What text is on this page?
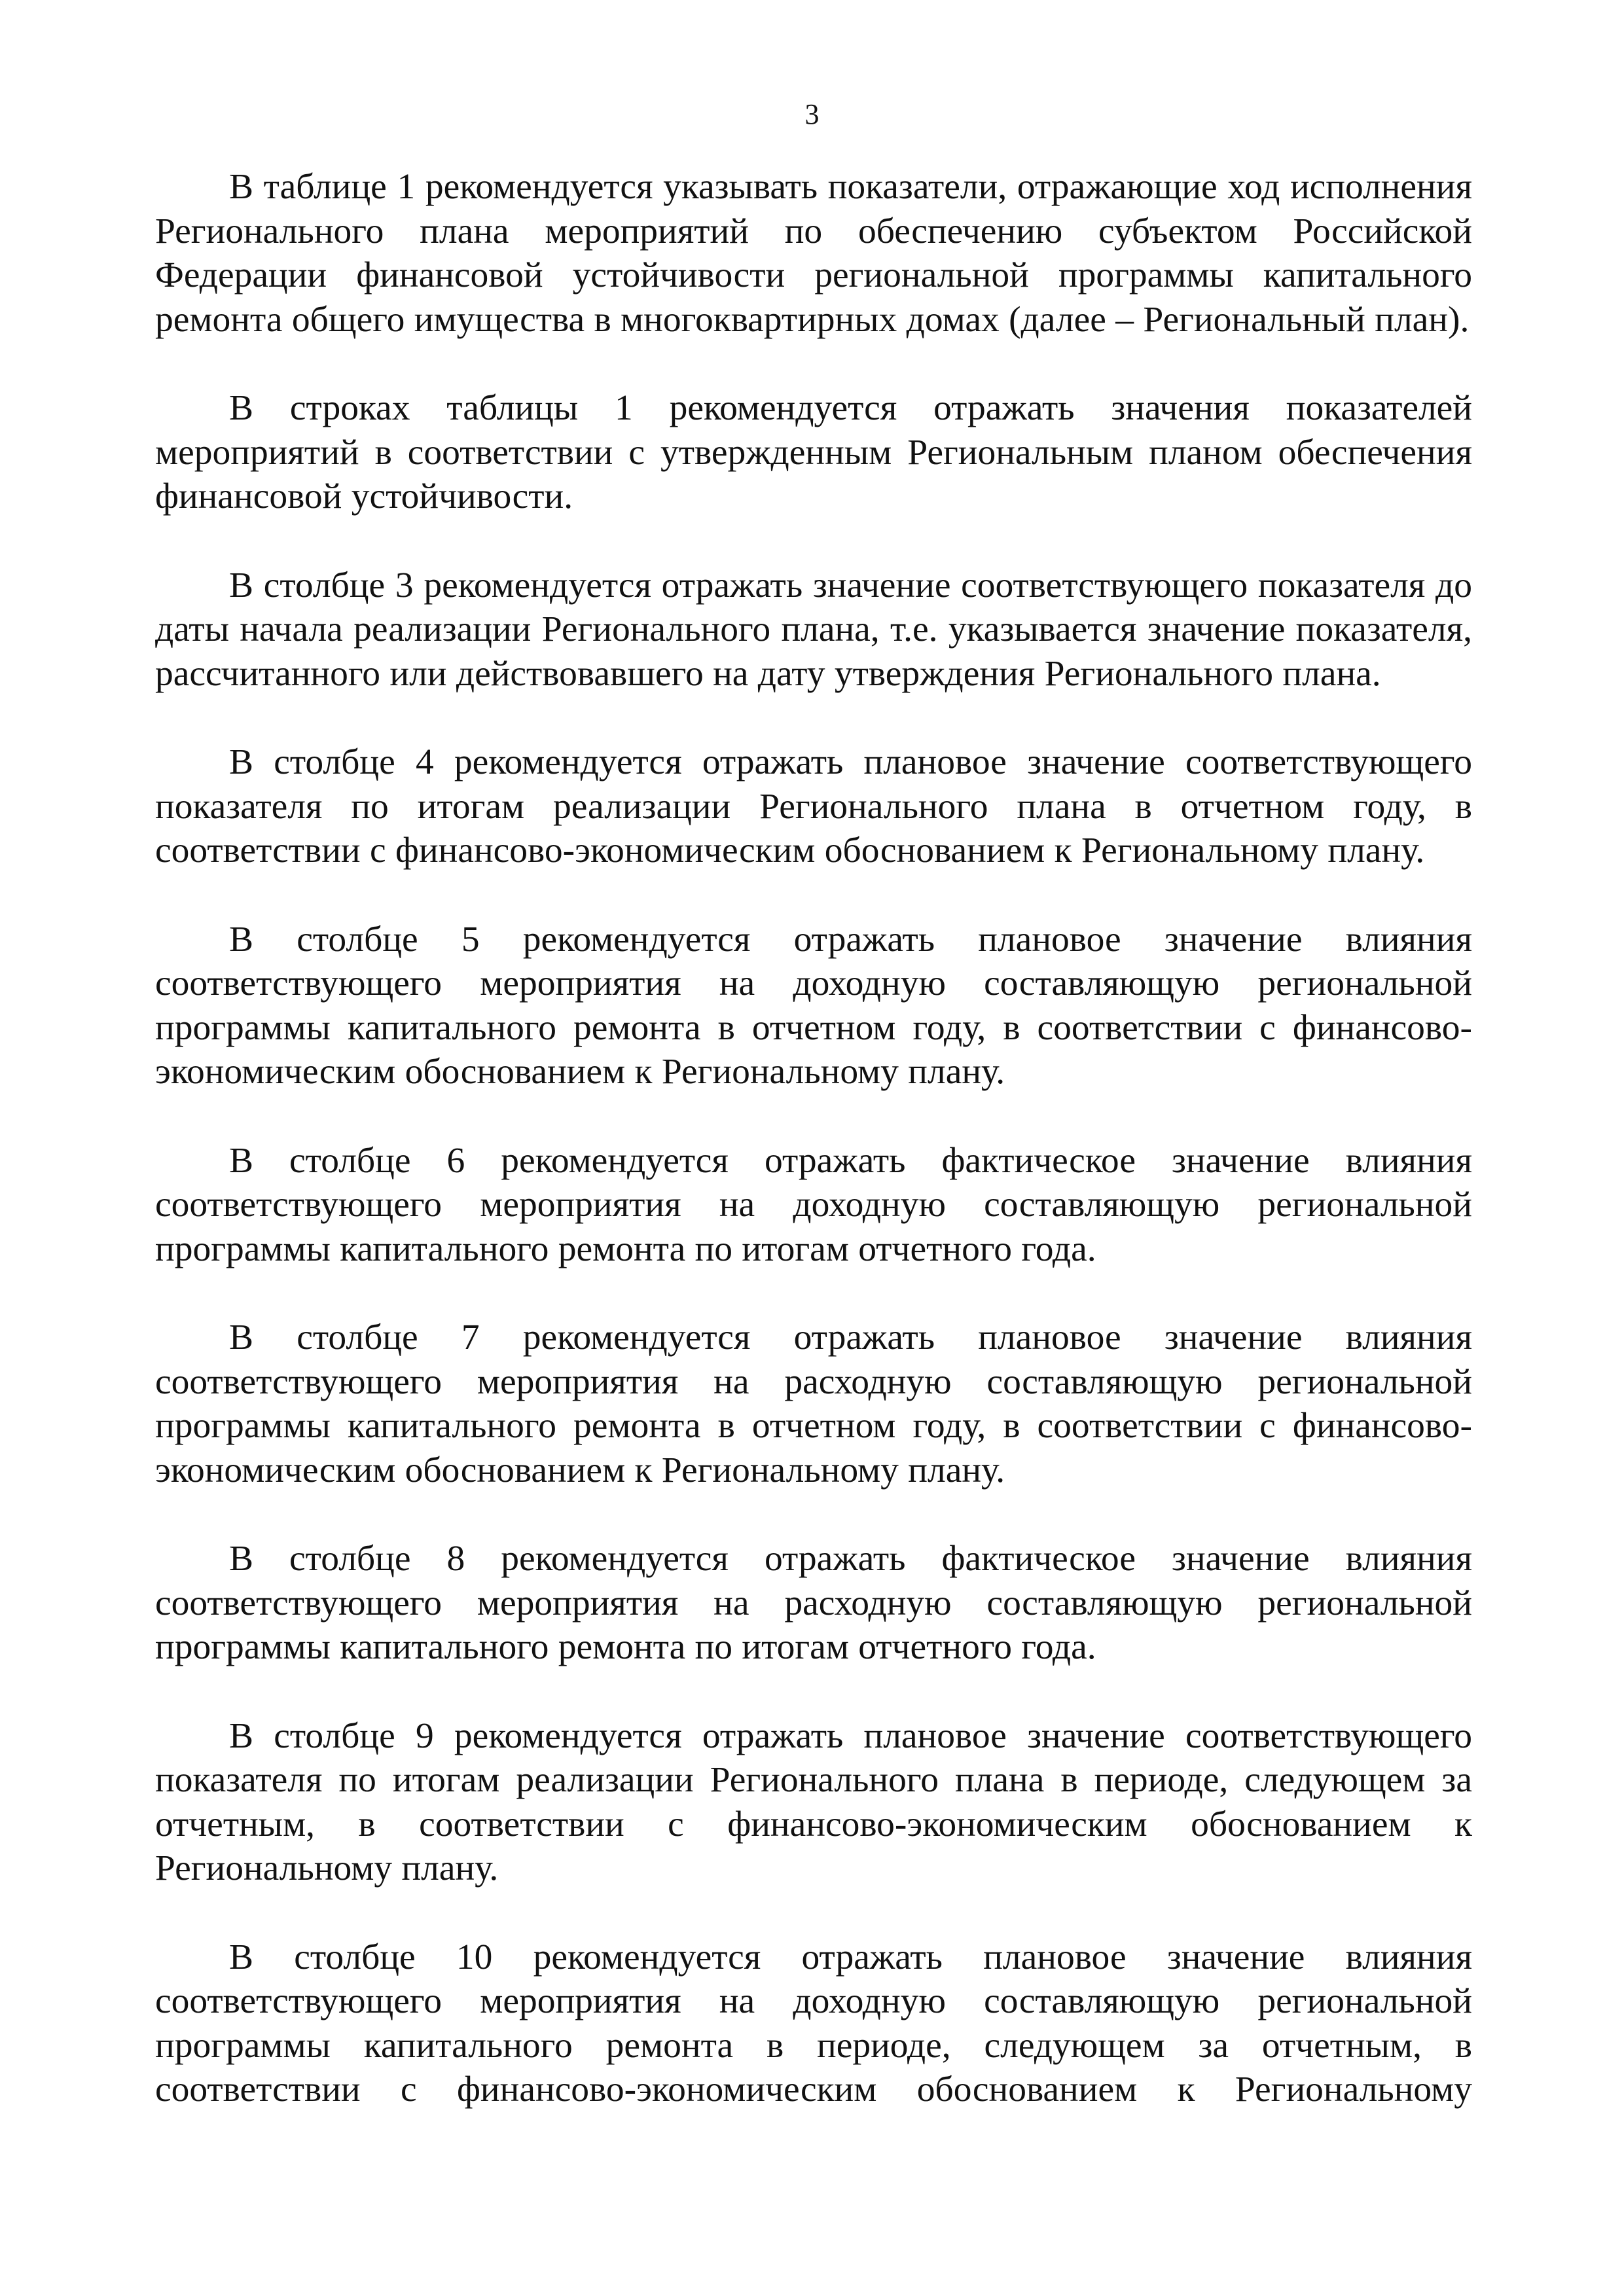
3

В таблице 1 рекомендуется указывать показатели, отражающие ход исполнения Регионального плана мероприятий по обеспечению субъектом Российской Федерации финансовой устойчивости региональной программы капитального ремонта общего имущества в многоквартирных домах (далее – Региональный план).

В строках таблицы 1 рекомендуется отражать значения показателей мероприятий в соответствии с утвержденным Региональным планом обеспечения финансовой устойчивости.

В столбце 3 рекомендуется отражать значение соответствующего показателя до даты начала реализации Регионального плана, т.е. указывается значение показателя, рассчитанного или действовавшего на дату утверждения Регионального плана.

В столбце 4 рекомендуется отражать плановое значение соответствующего показателя по итогам реализации Регионального плана в отчетном году, в соответствии с финансово-экономическим обоснованием к Региональному плану.

В столбце 5 рекомендуется отражать плановое значение влияния соответствующего мероприятия на доходную составляющую региональной программы капитального ремонта в отчетном году, в соответствии с финансово-экономическим обоснованием к Региональному плану.

В столбце 6 рекомендуется отражать фактическое значение влияния соответствующего мероприятия на доходную составляющую региональной программы капитального ремонта по итогам отчетного года.

В столбце 7 рекомендуется отражать плановое значение влияния соответствующего мероприятия на расходную составляющую региональной программы капитального ремонта в отчетном году, в соответствии с финансово-экономическим обоснованием к Региональному плану.

В столбце 8 рекомендуется отражать фактическое значение влияния соответствующего мероприятия на расходную составляющую региональной программы капитального ремонта по итогам отчетного года.

В столбце 9 рекомендуется отражать плановое значение соответствующего показателя по итогам реализации Регионального плана в периоде, следующем за отчетным, в соответствии с финансово-экономическим обоснованием к Региональному плану.

В столбце 10 рекомендуется отражать плановое значение влияния соответствующего мероприятия на доходную составляющую региональной программы капитального ремонта в периоде, следующем за отчетным, в соответствии с финансово-экономическим обоснованием к Региональному
